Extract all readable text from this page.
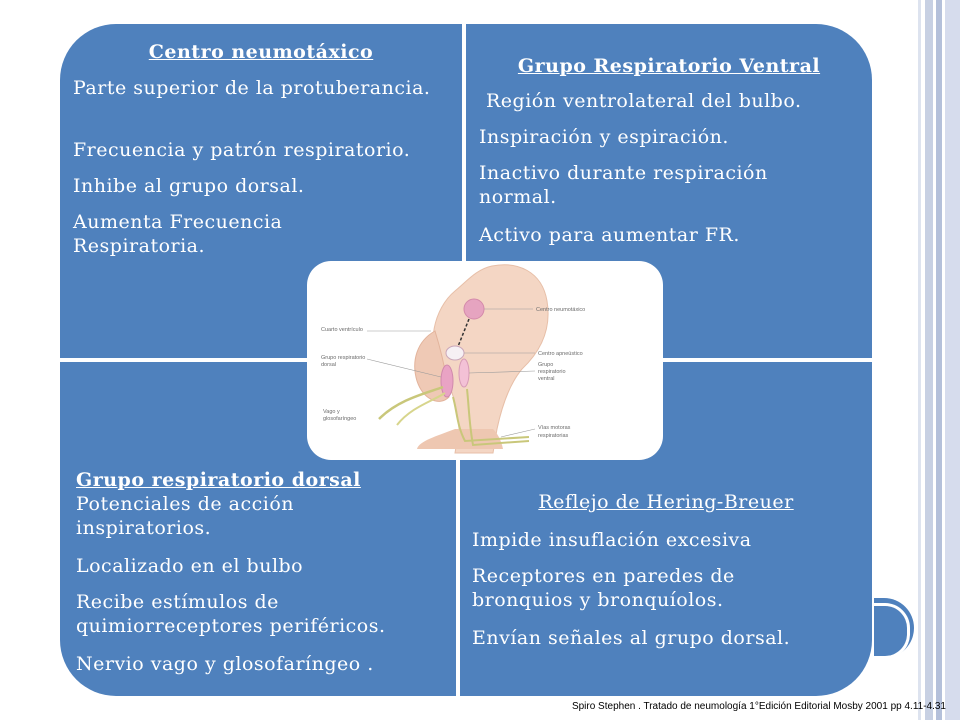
Centro neumotáxico

Parte superior de la protuberancia.

Frecuencia y patrón respiratorio.

Inhibe al grupo dorsal.

Aumenta Frecuencia Respiratoria.

Grupo Respiratorio Ventral

Región ventrolateral del bulbo.

Inspiración y espiración.

Inactivo durante respiración normal.

Activo para aumentar FR.

Grupo respiratorio dorsal

Potenciales de acción inspiratorios.

Localizado en el bulbo

Recibe estímulos de quimiorreceptores periféricos.

Nervio vago y glosofaríngeo .

Reflejo de Hering-Breuer

Impide insuflación excesiva

Receptores en paredes de bronquios y bronquíolos.

Envían señales al grupo dorsal.

Centro neumotáxico
Centro apneústico
Grupo
respiratorio
ventral
Vías motoras
respiratorias
Cuarto ventrículo
Grupo respiratorio
dorsal
Vago y
glosofaríngeo
Spiro Stephen . Tratado de neumología 1°Edición Editorial Mosby 2001 pp 4.11-4.31
